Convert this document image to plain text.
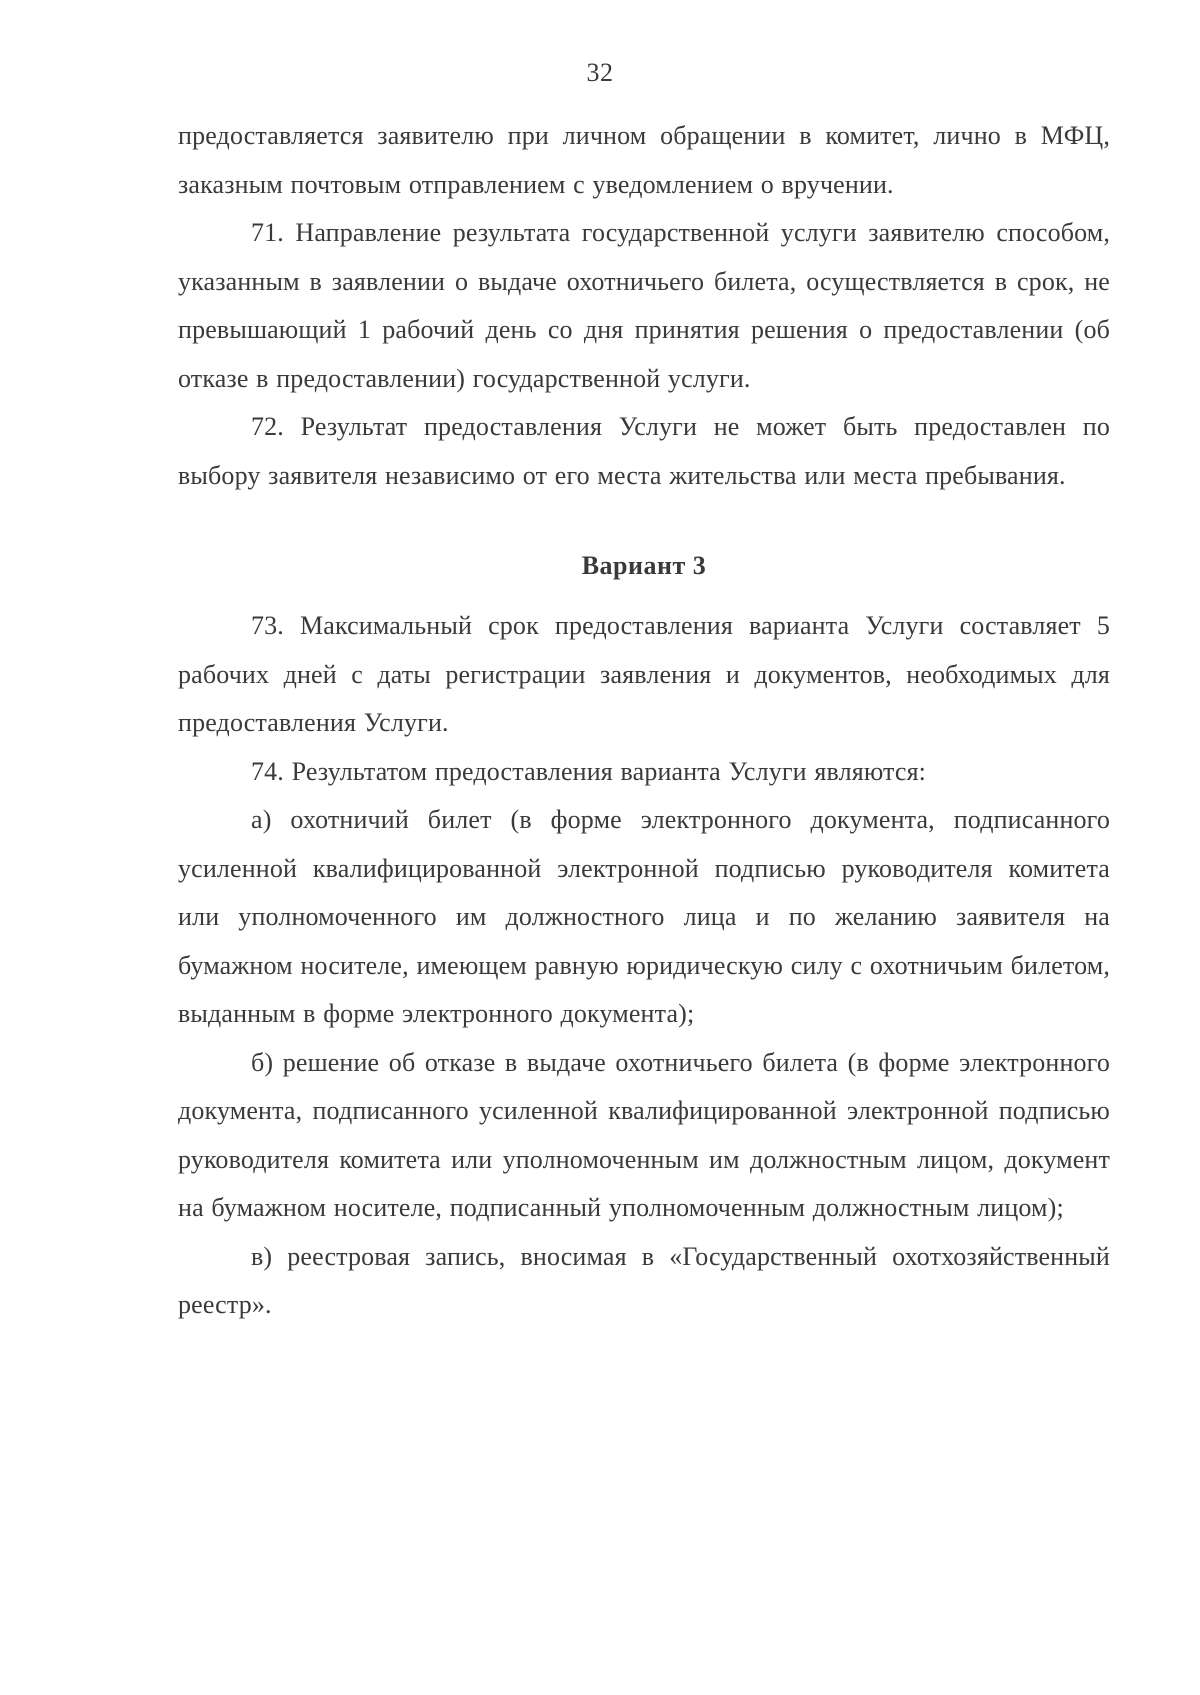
32

предоставляется заявителю при личном обращении в комитет, лично в МФЦ, заказным почтовым отправлением с уведомлением о вручении.

71. Направление результата государственной услуги заявителю способом, указанным в заявлении о выдаче охотничьего билета, осуществляется в срок, не превышающий 1 рабочий день со дня принятия решения о предоставлении (об отказе в предоставлении) государственной услуги.

72. Результат предоставления Услуги не может быть предоставлен по выбору заявителя независимо от его места жительства или места пребывания.

Вариант 3

73. Максимальный срок предоставления варианта Услуги составляет 5 рабочих дней с даты регистрации заявления и документов, необходимых для предоставления Услуги.

74. Результатом предоставления варианта Услуги являются:

а) охотничий билет (в форме электронного документа, подписанного усиленной квалифицированной электронной подписью руководителя комитета или уполномоченного им должностного лица и по желанию заявителя на бумажном носителе, имеющем равную юридическую силу с охотничьим билетом, выданным в форме электронного документа);

б) решение об отказе в выдаче охотничьего билета (в форме электронного документа, подписанного усиленной квалифицированной электронной подписью руководителя комитета или уполномоченным им должностным лицом, документ на бумажном носителе, подписанный уполномоченным должностным лицом);

в) реестровая запись, вносимая в «Государственный охотхозяйственный реестр».
